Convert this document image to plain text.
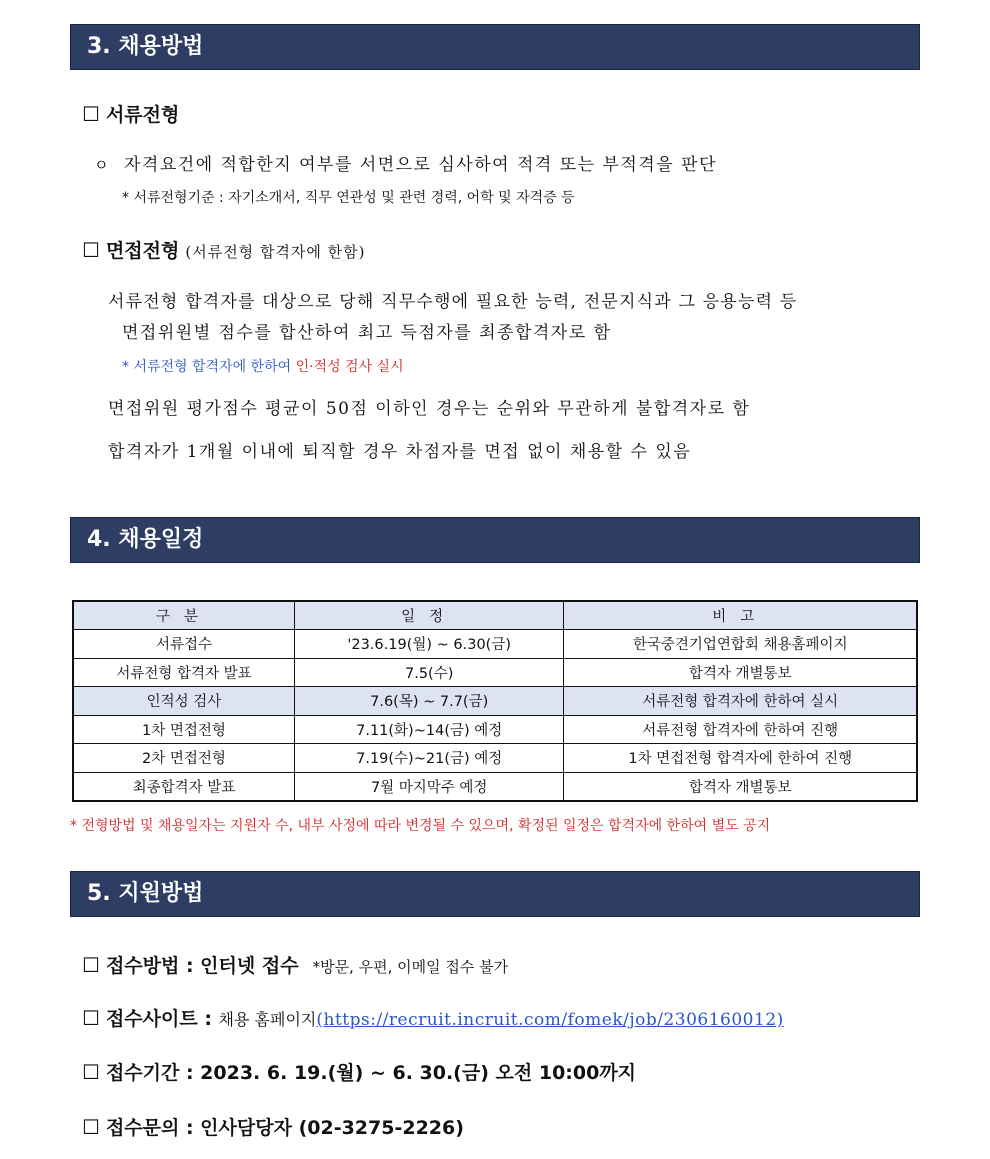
3. 채용방법
☐ 서류전형
ㅇ 자격요건에 적합한지 여부를 서면으로 심사하여 적격 또는 부적격을 판단
* 서류전형기준 : 자기소개서, 직무 연관성 및 관련 경력, 어학 및 자격증 등
☐ 면접전형 (서류전형 합격자에 한함)
서류전형 합격자를 대상으로 당해 직무수행에 필요한 능력, 전문지식과 그 응용능력 등
면접위원별 점수를 합산하여 최고 득점자를 최종합격자로 함
* 서류전형 합격자에 한하여 인·적성 검사 실시
면접위원 평가점수 평균이 50점 이하인 경우는 순위와 무관하게 불합격자로 함
합격자가 1개월 이내에 퇴직할 경우 차점자를 면접 없이 채용할 수 있음
4. 채용일정
구분	일정	비고
서류접수	'23.6.19(월) ~ 6.30(금)	한국중견기업연합회 채용홈페이지
서류전형 합격자 발표	7.5(수)	합격자 개별통보
인적성 검사	7.6(목) ~ 7.7(금)	서류전형 합격자에 한하여 실시
1차 면접전형	7.11(화)~14(금) 예정	서류전형 합격자에 한하여 진행
2차 면접전형	7.19(수)~21(금) 예정	1차 면접전형 합격자에 한하여 진행
최종합격자 발표	7월 마지막주 예정	합격자 개별통보
* 전형방법 및 채용일자는 지원자 수, 내부 사정에 따라 변경될 수 있으며, 확정된 일정은 합격자에 한하여 별도 공지
5. 지원방법
☐ 접수방법 : 인터넷 접수 *방문, 우편, 이메일 접수 불가
☐ 접수사이트 : 채용 홈페이지(https://recruit.incruit.com/fomek/job/2306160012)
☐ 접수기간 : 2023. 6. 19.(월) ~ 6. 30.(금) 오전 10:00까지
☐ 접수문의 : 인사담당자 (02-3275-2226)
